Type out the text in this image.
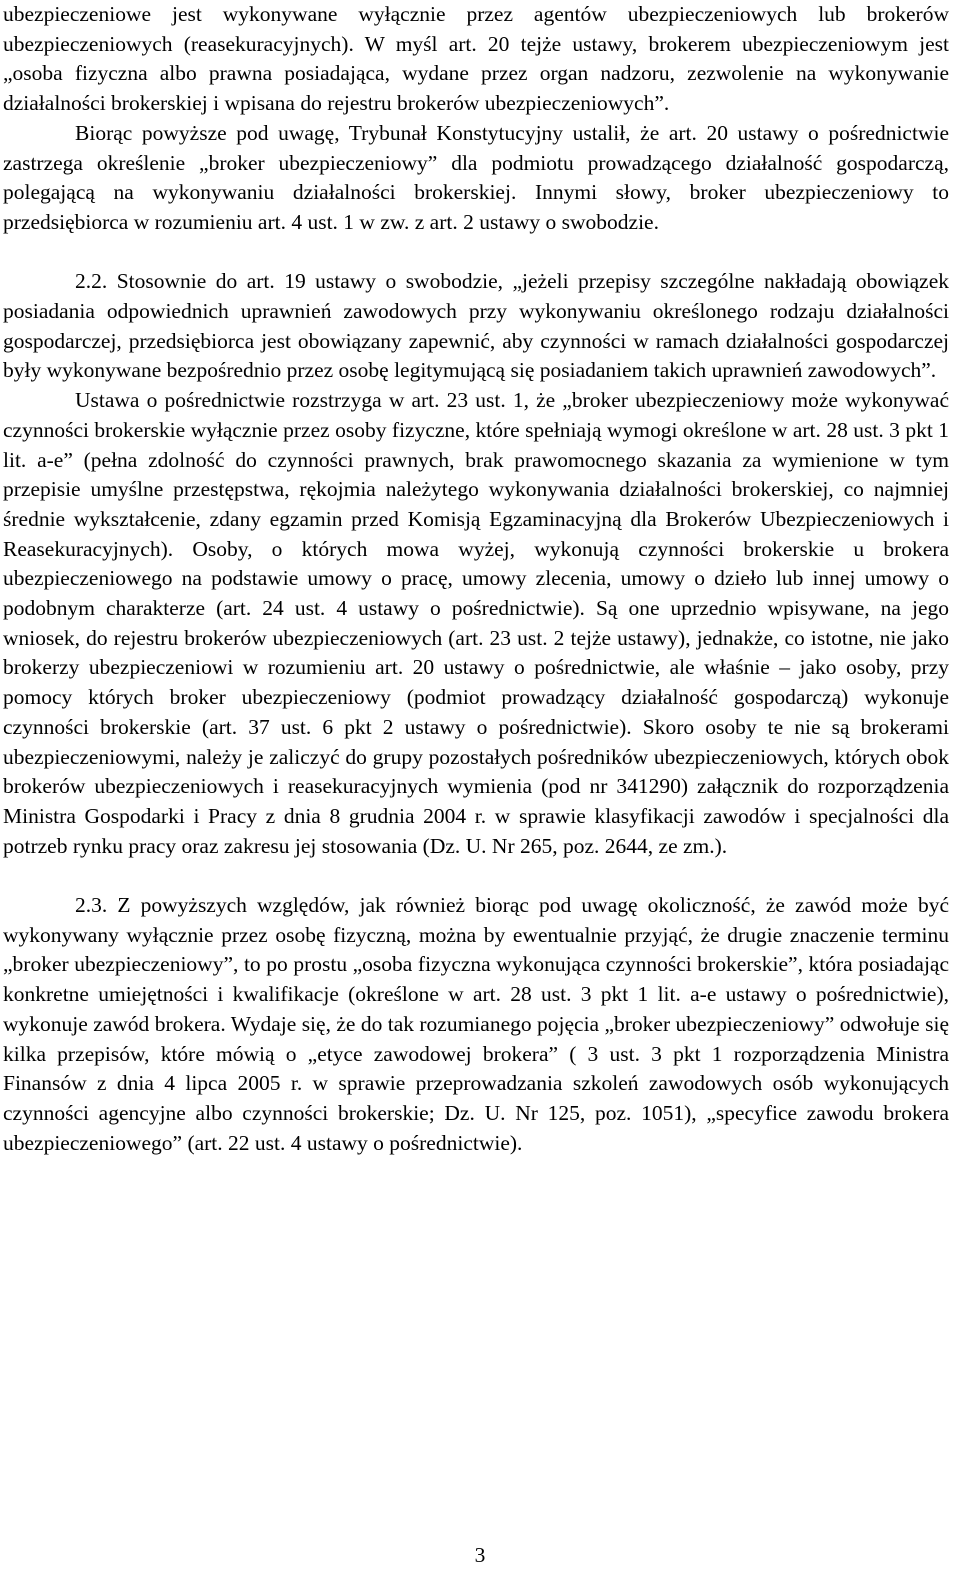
ubezpieczeniowe jest wykonywane wyłącznie przez agentów ubezpieczeniowych lub brokerów ubezpieczeniowych (reasekuracyjnych). W myśl art. 20 tejże ustawy, brokerem ubezpieczeniowym jest „osoba fizyczna albo prawna posiadająca, wydane przez organ nadzoru, zezwolenie na wykonywanie działalności brokerskiej i wpisana do rejestru brokerów ubezpieczeniowych”.

Biorąc powyższe pod uwagę, Trybunał Konstytucyjny ustalił, że art. 20 ustawy o pośrednictwie zastrzega określenie „broker ubezpieczeniowy” dla podmiotu prowadzącego działalność gospodarczą, polegającą na wykonywaniu działalności brokerskiej. Innymi słowy, broker ubezpieczeniowy to przedsiębiorca w rozumieniu art. 4 ust. 1 w zw. z art. 2 ustawy o swobodzie.

2.2. Stosownie do art. 19 ustawy o swobodzie, „jeżeli przepisy szczególne nakładają obowiązek posiadania odpowiednich uprawnień zawodowych przy wykonywaniu określonego rodzaju działalności gospodarczej, przedsiębiorca jest obowiązany zapewnić, aby czynności w ramach działalności gospodarczej były wykonywane bezpośrednio przez osobę legitymującą się posiadaniem takich uprawnień zawodowych”.

Ustawa o pośrednictwie rozstrzyga w art. 23 ust. 1, że „broker ubezpieczeniowy może wykonywać czynności brokerskie wyłącznie przez osoby fizyczne, które spełniają wymogi określone w art. 28 ust. 3 pkt 1 lit. a-e” (pełna zdolność do czynności prawnych, brak prawomocnego skazania za wymienione w tym przepisie umyślne przestępstwa, rękojmia należytego wykonywania działalności brokerskiej, co najmniej średnie wykształcenie, zdany egzamin przed Komisją Egzaminacyjną dla Brokerów Ubezpieczeniowych i Reasekuracyjnych). Osoby, o których mowa wyżej, wykonują czynności brokerskie u brokera ubezpieczeniowego na podstawie umowy o pracę, umowy zlecenia, umowy o dzieło lub innej umowy o podobnym charakterze (art. 24 ust. 4 ustawy o pośrednictwie). Są one uprzednio wpisywane, na jego wniosek, do rejestru brokerów ubezpieczeniowych (art. 23 ust. 2 tejże ustawy), jednakże, co istotne, nie jako brokerzy ubezpieczeniowi w rozumieniu art. 20 ustawy o pośrednictwie, ale właśnie – jako osoby, przy pomocy których broker ubezpieczeniowy (podmiot prowadzący działalność gospodarczą) wykonuje czynności brokerskie (art. 37 ust. 6 pkt 2 ustawy o pośrednictwie). Skoro osoby te nie są brokerami ubezpieczeniowymi, należy je zaliczyć do grupy pozostałych pośredników ubezpieczeniowych, których obok brokerów ubezpieczeniowych i reasekuracyjnych wymienia (pod nr 341290) załącznik do rozporządzenia Ministra Gospodarki i Pracy z dnia 8 grudnia 2004 r. w sprawie klasyfikacji zawodów i specjalności dla potrzeb rynku pracy oraz zakresu jej stosowania (Dz. U. Nr 265, poz. 2644, ze zm.).

2.3. Z powyższych względów, jak również biorąc pod uwagę okoliczność, że zawód może być wykonywany wyłącznie przez osobę fizyczną, można by ewentualnie przyjąć, że drugie znaczenie terminu „broker ubezpieczeniowy”, to po prostu „osoba fizyczna wykonująca czynności brokerskie”, która posiadając konkretne umiejętności i kwalifikacje (określone w art. 28 ust. 3 pkt 1 lit. a-e ustawy o pośrednictwie), wykonuje zawód brokera. Wydaje się, że do tak rozumianego pojęcia „broker ubezpieczeniowy” odwołuje się kilka przepisów, które mówią o „etyce zawodowej brokera” ( 3 ust. 3 pkt 1 rozporządzenia Ministra Finansów z dnia 4 lipca 2005 r. w sprawie przeprowadzania szkoleń zawodowych osób wykonujących czynności agencyjne albo czynności brokerskie; Dz. U. Nr 125, poz. 1051), „specyfice zawodu brokera ubezpieczeniowego” (art. 22 ust. 4 ustawy o pośrednictwie).

3
